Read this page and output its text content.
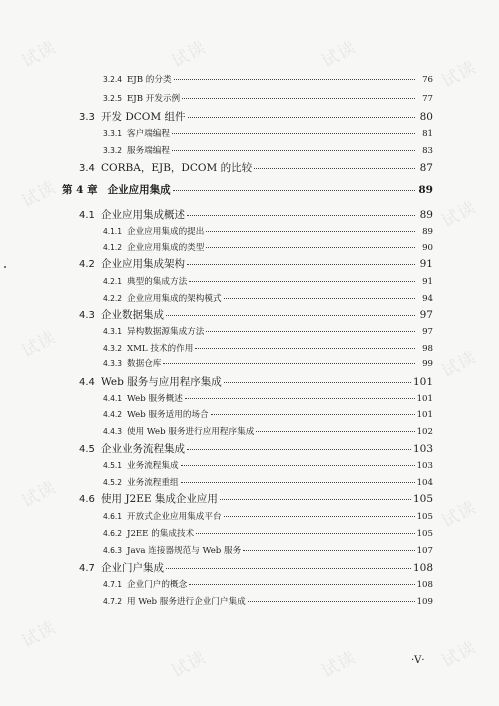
试读	试读	试读
试读
试读
试读
试读
试读
试读
试读
试读
试读	试读	试读
3.2.4 EJB 的分类	76
3.2.5 EJB 开发示例	77
3.3 开发 DCOM 组件	80
3.3.1 客户端编程	81
3.3.2 服务端编程	83
3.4 CORBA，EJB，DCOM 的比较	87
第 4 章 企业应用集成	89
4.1 企业应用集成概述	89
4.1.1 企业应用集成的提出	89
4.1.2 企业应用集成的类型	90
4.2 企业应用集成架构	91
4.2.1 典型的集成方法	91
4.2.2 企业应用集成的架构模式	94
4.3 企业数据集成	97
4.3.1 异构数据源集成方法	97
4.3.2 XML 技术的作用	98
4.3.3 数据仓库	99
4.4 Web 服务与应用程序集成	101
4.4.1 Web 服务概述	101
4.4.2 Web 服务适用的场合	101
4.4.3 使用 Web 服务进行应用程序集成	102
4.5 企业业务流程集成	103
4.5.1 业务流程集成	103
4.5.2 业务流程重组	104
4.6 使用 J2EE 集成企业应用	105
4.6.1 开放式企业应用集成平台	105
4.6.2 J2EE 的集成技术	105
4.6.3 Java 连接器规范与 Web 服务	107
4.7 企业门户集成	108
4.7.1 企业门户的概念	108
4.7.2 用 Web 服务进行企业门户集成	109
·V·
